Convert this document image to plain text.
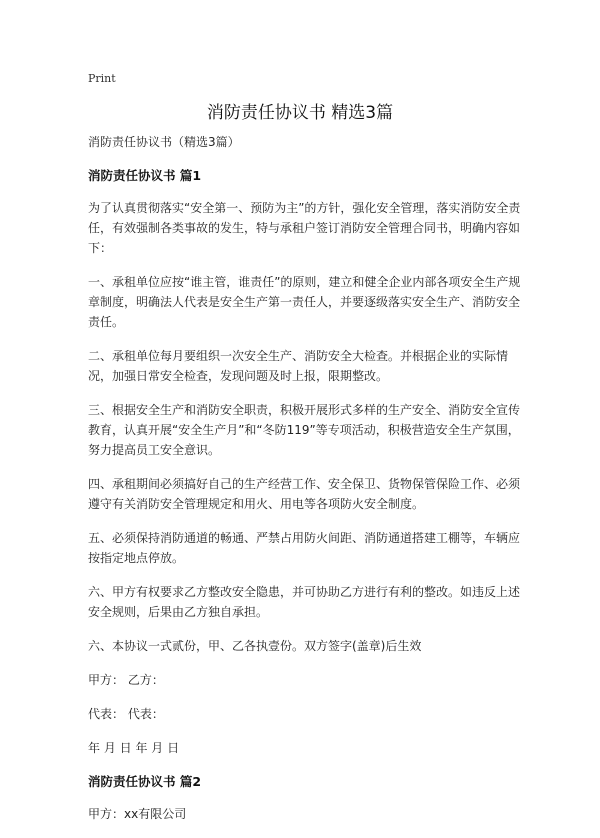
Print
消防责任协议书 精选3篇

消防责任协议书（精选3篇）

消防责任协议书 篇1

为了认真贯彻落实“安全第一、预防为主”的方针，强化安全管理，落实消防安全责任，有效强制各类事故的发生，特与承租户签订消防安全管理合同书，明确内容如下：

一、承租单位应按“谁主管，谁责任”的原则，建立和健全企业内部各项安全生产规章制度，明确法人代表是安全生产第一责任人，并要逐级落实安全生产、消防安全责任。

二、承租单位每月要组织一次安全生产、消防安全大检查。并根据企业的实际情况，加强日常安全检查，发现问题及时上报，限期整改。

三、根据安全生产和消防安全职责，积极开展形式多样的生产安全、消防安全宣传教育，认真开展“安全生产月”和“冬防119”等专项活动，积极营造安全生产氛围，努力提高员工安全意识。

四、承租期间必须搞好自己的生产经营工作、安全保卫、货物保管保险工作、必须遵守有关消防安全管理规定和用火、用电等各项防火安全制度。

五、必须保持消防通道的畅通、严禁占用防火间距、消防通道搭建工棚等，车辆应按指定地点停放。

六、甲方有权要求乙方整改安全隐患，并可协助乙方进行有利的整改。如违反上述安全规则，后果由乙方独自承担。

六、本协议一式贰份，甲、乙各执壹份。双方签字(盖章)后生效

甲方： 乙方：

代表： 代表：

年 月 日 年 月 日

消防责任协议书 篇2

甲方：xx有限公司
